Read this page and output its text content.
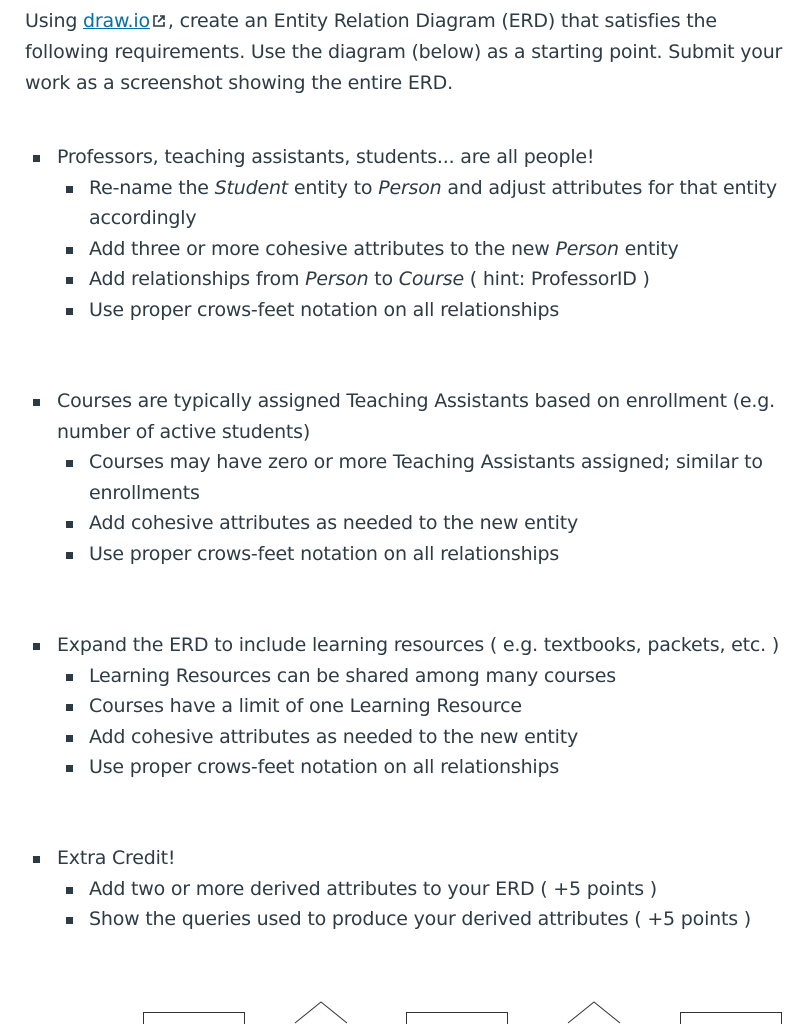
Using draw.io , create an Entity Relation Diagram (ERD) that satisfies the following requirements. Use the diagram (below) as a starting point. Submit your work as a screenshot showing the entire ERD.
Professors, teaching assistants, students... are all people!
Re-name the Student entity to Person and adjust attributes for that entity accordingly
Add three or more cohesive attributes to the new Person entity
Add relationships from Person to Course ( hint: ProfessorID )
Use proper crows-feet notation on all relationships
Courses are typically assigned Teaching Assistants based on enrollment (e.g. number of active students)
Courses may have zero or more Teaching Assistants assigned; similar to enrollments
Add cohesive attributes as needed to the new entity
Use proper crows-feet notation on all relationships
Expand the ERD to include learning resources ( e.g. textbooks, packets, etc. )
Learning Resources can be shared among many courses
Courses have a limit of one Learning Resource
Add cohesive attributes as needed to the new entity
Use proper crows-feet notation on all relationships
Extra Credit!
Add two or more derived attributes to your ERD ( +5 points )
Show the queries used to produce your derived attributes ( +5 points )
